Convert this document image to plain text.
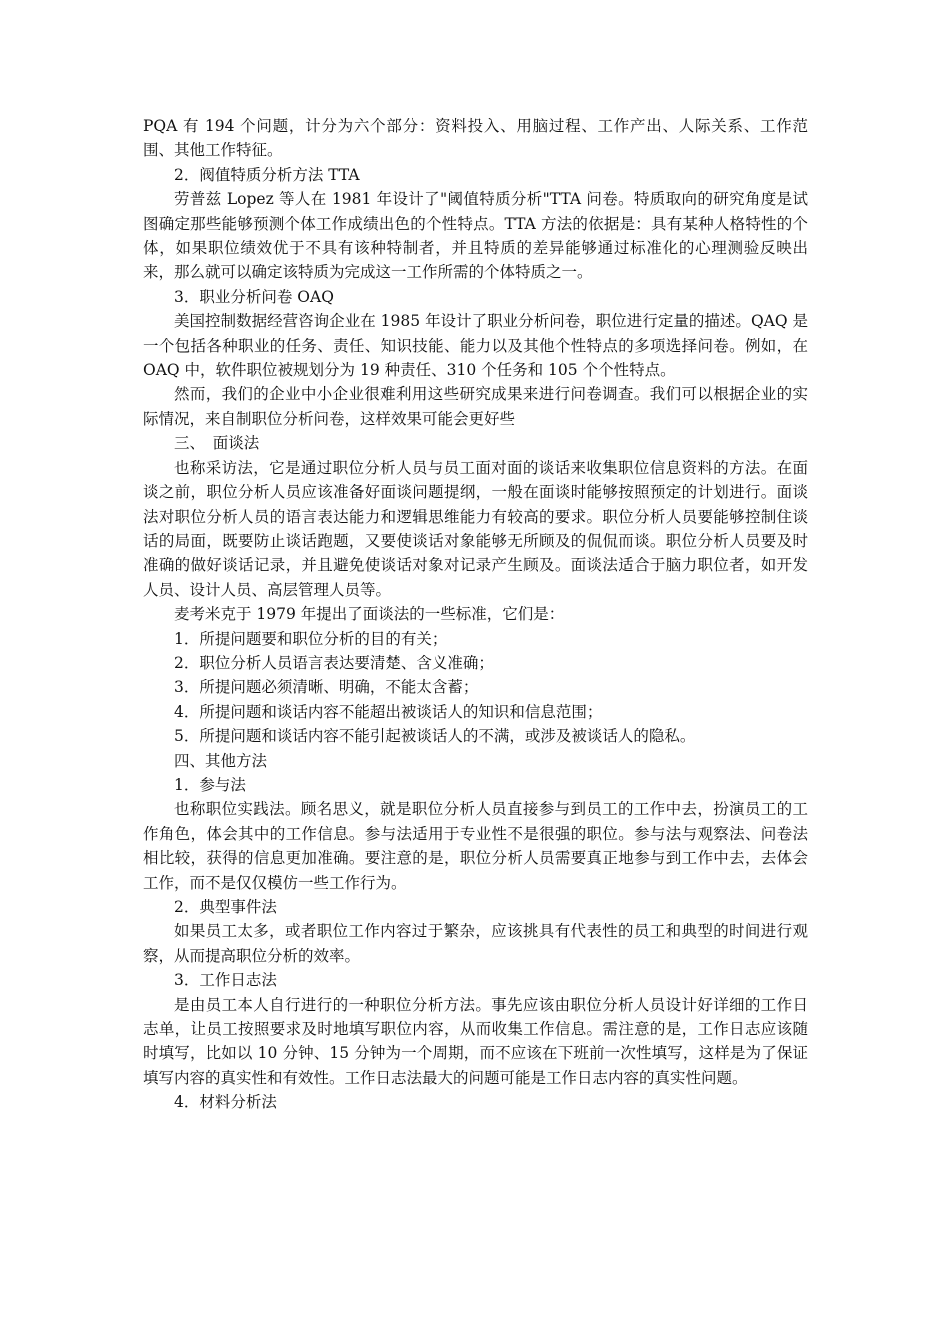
PQA 有 194 个问题，计分为六个部分：资料投入、用脑过程、工作产出、人际关系、工作范围、其他工作特征。

2．阀值特质分析方法 TTA

劳普兹 Lopez 等人在 1981 年设计了"阈值特质分析"TTA 问卷。特质取向的研究角度是试图确定那些能够预测个体工作成绩出色的个性特点。TTA 方法的依据是：具有某种人格特性的个体，如果职位绩效优于不具有该种特制者，并且特质的差异能够通过标准化的心理测验反映出来，那么就可以确定该特质为完成这一工作所需的个体特质之一。

3．职业分析问卷 OAQ

美国控制数据经营咨询企业在 1985 年设计了职业分析问卷，职位进行定量的描述。QAQ 是一个包括各种职业的任务、责任、知识技能、能力以及其他个性特点的多项选择问卷。例如，在 OAQ 中，软件职位被规划分为 19 种责任、310 个任务和 105 个个性特点。

然而，我们的企业中小企业很难利用这些研究成果来进行问卷调查。我们可以根据企业的实际情况，来自制职位分析问卷，这样效果可能会更好些

三、　面谈法

也称采访法，它是通过职位分析人员与员工面对面的谈话来收集职位信息资料的方法。在面谈之前，职位分析人员应该准备好面谈问题提纲，一般在面谈时能够按照预定的计划进行。面谈法对职位分析人员的语言表达能力和逻辑思维能力有较高的要求。职位分析人员要能够控制住谈话的局面，既要防止谈话跑题，又要使谈话对象能够无所顾及的侃侃而谈。职位分析人员要及时准确的做好谈话记录，并且避免使谈话对象对记录产生顾及。面谈法适合于脑力职位者，如开发人员、设计人员、高层管理人员等。

麦考米克于 1979 年提出了面谈法的一些标准，它们是：

1．所提问题要和职位分析的目的有关；

2．职位分析人员语言表达要清楚、含义准确；

3．所提问题必须清晰、明确，不能太含蓄；

4．所提问题和谈话内容不能超出被谈话人的知识和信息范围；

5．所提问题和谈话内容不能引起被谈话人的不满，或涉及被谈话人的隐私。

四、其他方法

1．参与法

也称职位实践法。顾名思义，就是职位分析人员直接参与到员工的工作中去，扮演员工的工作角色，体会其中的工作信息。参与法适用于专业性不是很强的职位。参与法与观察法、问卷法相比较，获得的信息更加准确。要注意的是，职位分析人员需要真正地参与到工作中去，去体会工作，而不是仅仅模仿一些工作行为。

2．典型事件法

如果员工太多，或者职位工作内容过于繁杂，应该挑具有代表性的员工和典型的时间进行观察，从而提高职位分析的效率。

3．工作日志法

是由员工本人自行进行的一种职位分析方法。事先应该由职位分析人员设计好详细的工作日志单，让员工按照要求及时地填写职位内容，从而收集工作信息。需注意的是，工作日志应该随时填写，比如以 10 分钟、15 分钟为一个周期，而不应该在下班前一次性填写，这样是为了保证填写内容的真实性和有效性。工作日志法最大的问题可能是工作日志内容的真实性问题。

4．材料分析法
